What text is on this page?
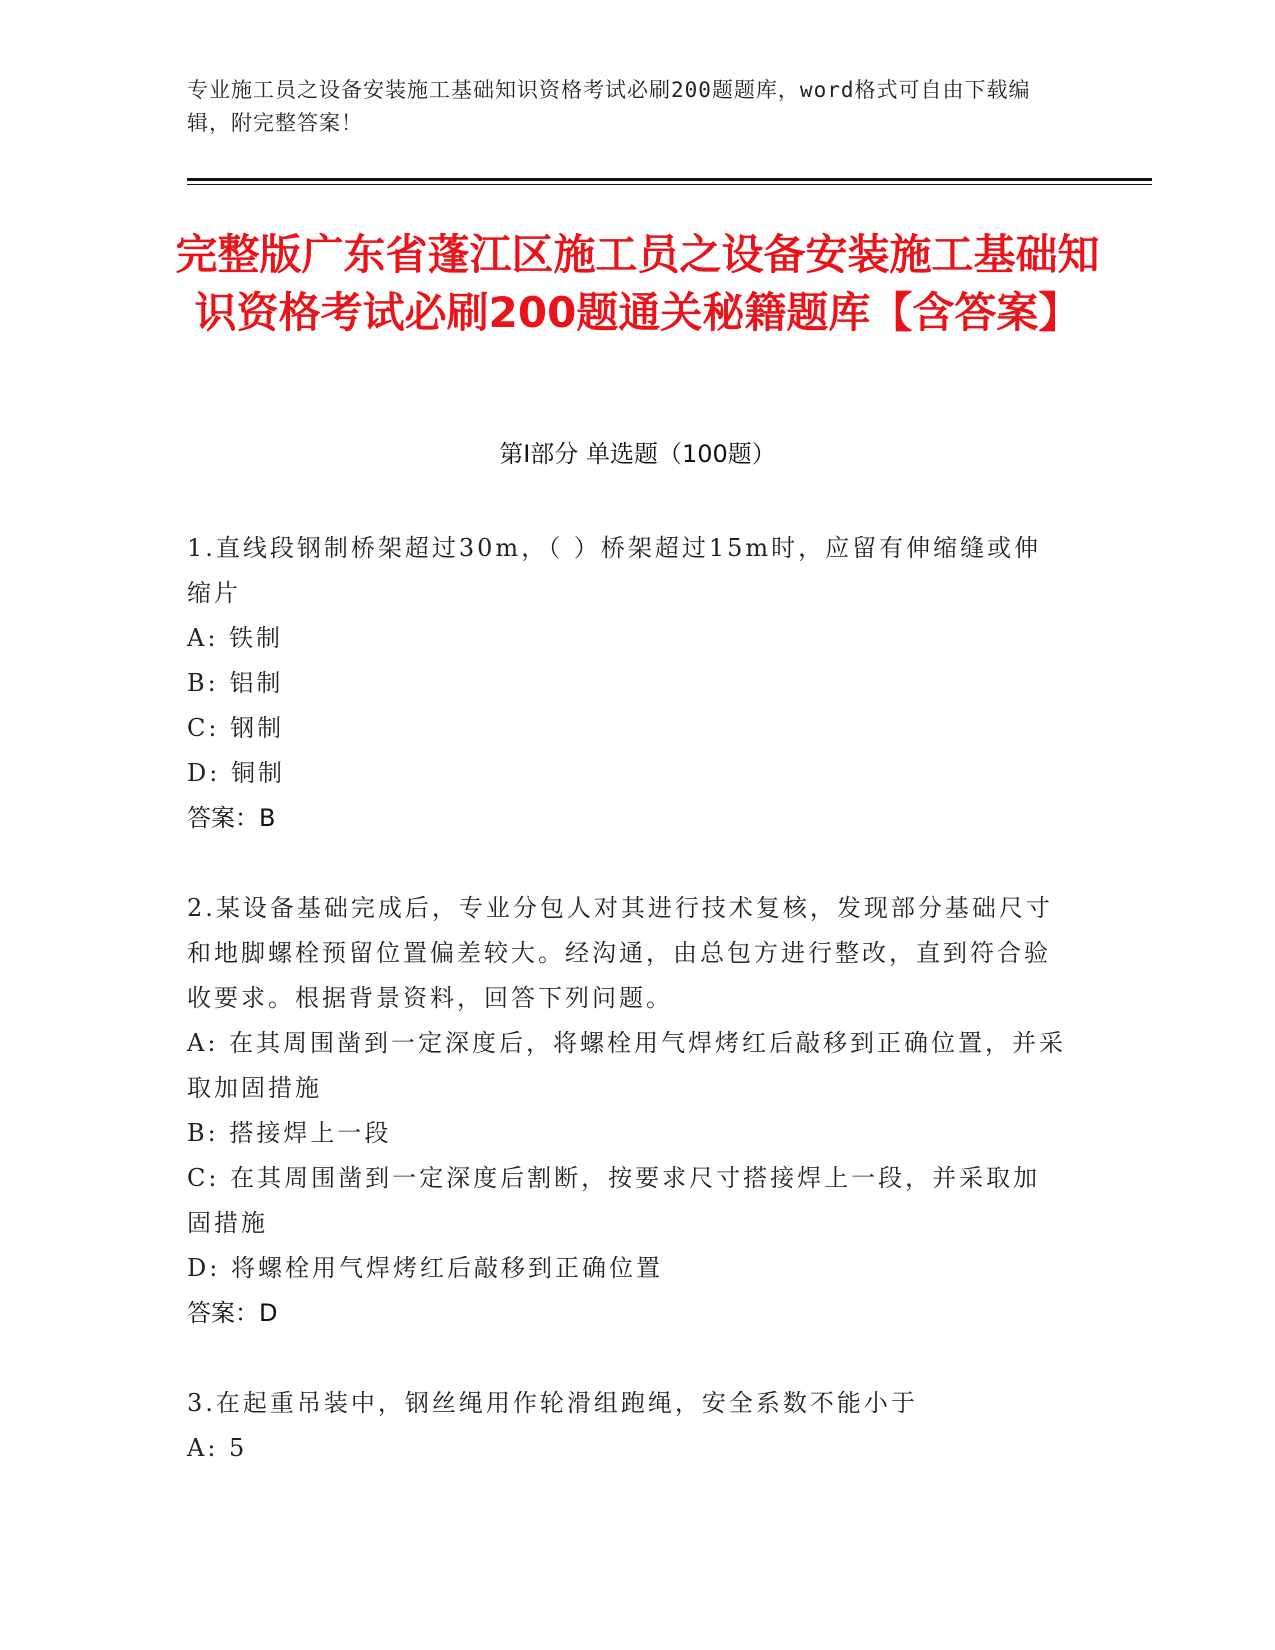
专业施工员之设备安装施工基础知识资格考试必刷200题题库，word格式可自由下载编辑，附完整答案！
完整版广东省蓬江区施工员之设备安装施工基础知识资格考试必刷200题通关秘籍题库【含答案】
第Ⅰ部分 单选题（100题）

1.直线段钢制桥架超过30m，（ ）桥架超过15m时，应留有伸缩缝或伸缩片

A: 铁制

B: 铝制

C: 钢制

D: 铜制

答案：B

2.某设备基础完成后，专业分包人对其进行技术复核，发现部分基础尺寸和地脚螺栓预留位置偏差较大。经沟通，由总包方进行整改，直到符合验收要求。根据背景资料，回答下列问题。

A: 在其周围凿到一定深度后，将螺栓用气焊烤红后敲移到正确位置，并采取加固措施

B: 搭接焊上一段

C: 在其周围凿到一定深度后割断，按要求尺寸搭接焊上一段，并采取加固措施

D: 将螺栓用气焊烤红后敲移到正确位置

答案：D

3.在起重吊装中，钢丝绳用作轮滑组跑绳，安全系数不能小于

A: 5
